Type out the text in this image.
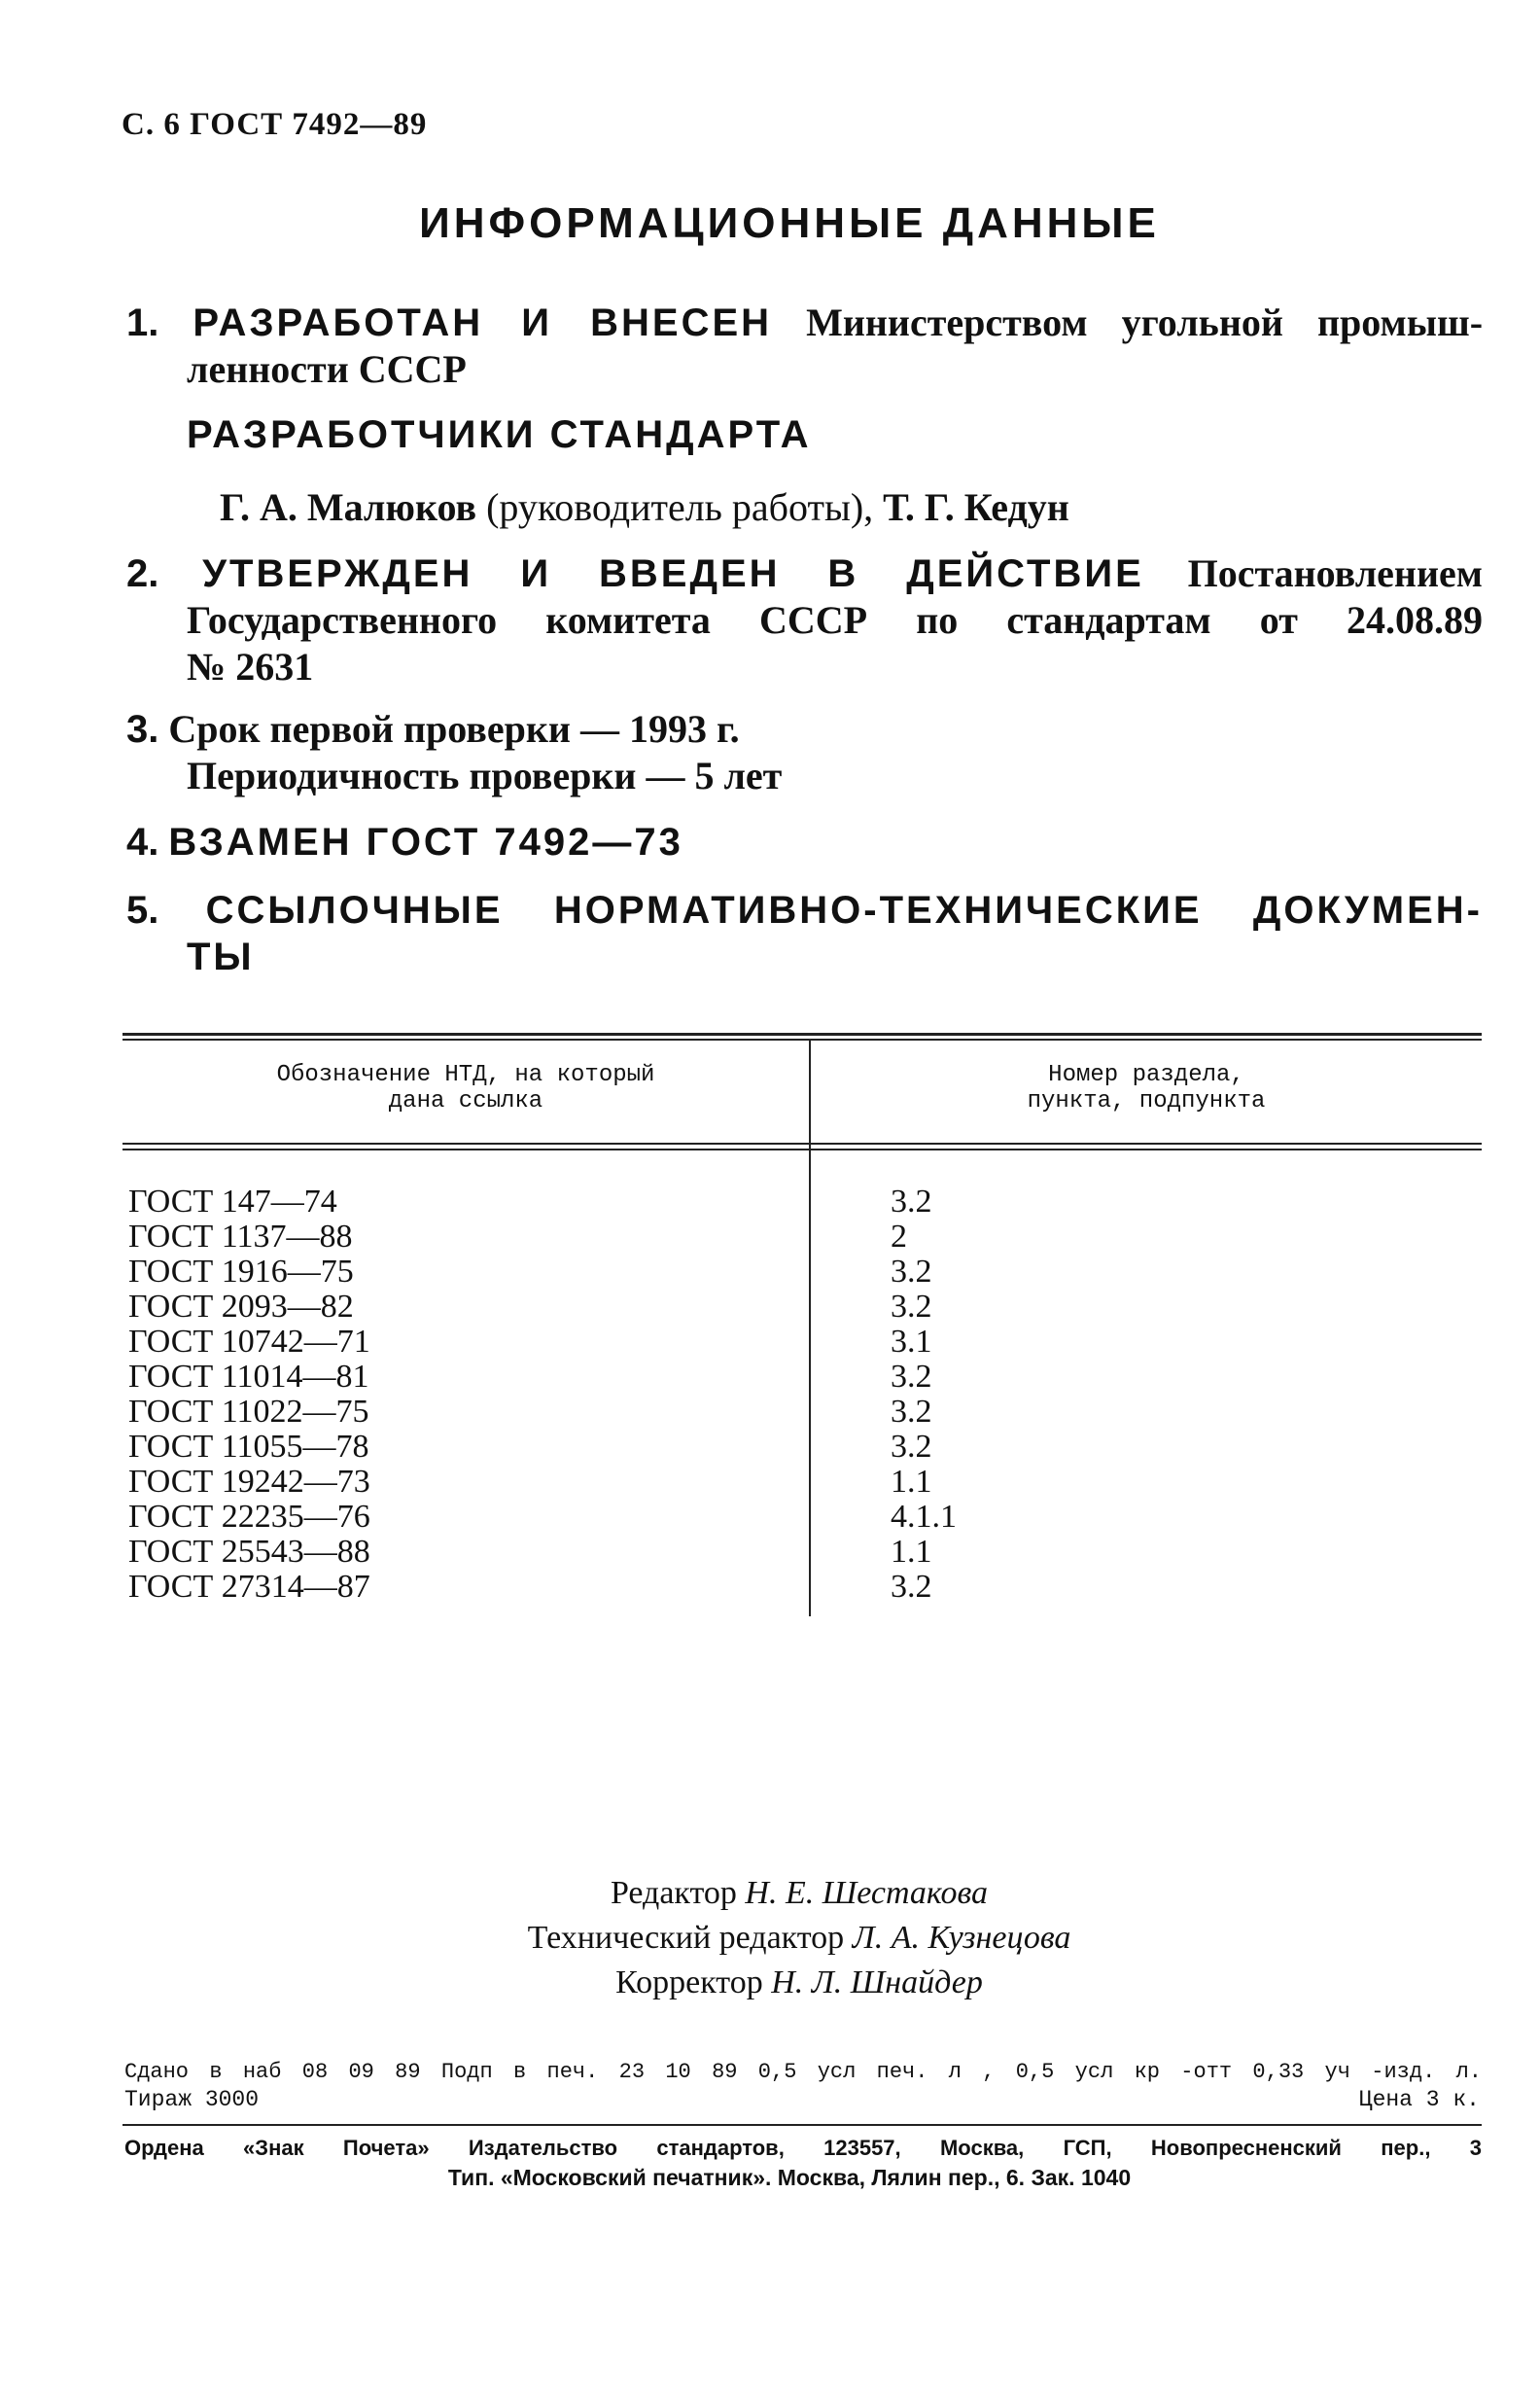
С. 6 ГОСТ 7492—89
ИНФОРМАЦИОННЫЕ ДАННЫЕ
1. РАЗРАБОТАН И ВНЕСЕН Министерством угольной промыш-
ленности СССР
РАЗРАБОТЧИКИ СТАНДАРТА
Г. А. Малюков (руководитель работы), Т. Г. Кедун
2. УТВЕРЖДЕН И ВВЕДЕН В ДЕЙСТВИЕ Постановлением
Государственного комитета СССР по стандартам от 24.08.89
№ 2631
3. Срок первой проверки — 1993 г.
Периодичность проверки — 5 лет
4. ВЗАМЕН ГОСТ 7492—73
5. ССЫЛОЧНЫЕ НОРМАТИВНО-ТЕХНИЧЕСКИЕ ДОКУМЕН-
ТЫ
Обозначение НТД, на который
дана ссылка
Номер раздела,
пункта, подпункта
ГОСТ 147—74
ГОСТ 1137—88
ГОСТ 1916—75
ГОСТ 2093—82
ГОСТ 10742—71
ГОСТ 11014—81
ГОСТ 11022—75
ГОСТ 11055—78
ГОСТ 19242—73
ГОСТ 22235—76
ГОСТ 25543—88
ГОСТ 27314—87
3.2
2
3.2
3.2
3.1
3.2
3.2
3.2
1.1
4.1.1
1.1
3.2
Редактор Н. Е. Шестакова
Технический редактор Л. А. Кузнецова
Корректор Н. Л. Шнайдер
Сдано в наб 08 09 89 Подп в печ. 23 10 89 0,5 усл печ. л , 0,5 усл кр -отт 0,33 уч -изд. л.
Тираж 3000	Цена 3 к.
Ордена «Знак Почета» Издательство стандартов, 123557, Москва, ГСП, Новопресненский пер., 3
Тип. «Московский печатник». Москва, Лялин пер., 6. Зак. 1040
